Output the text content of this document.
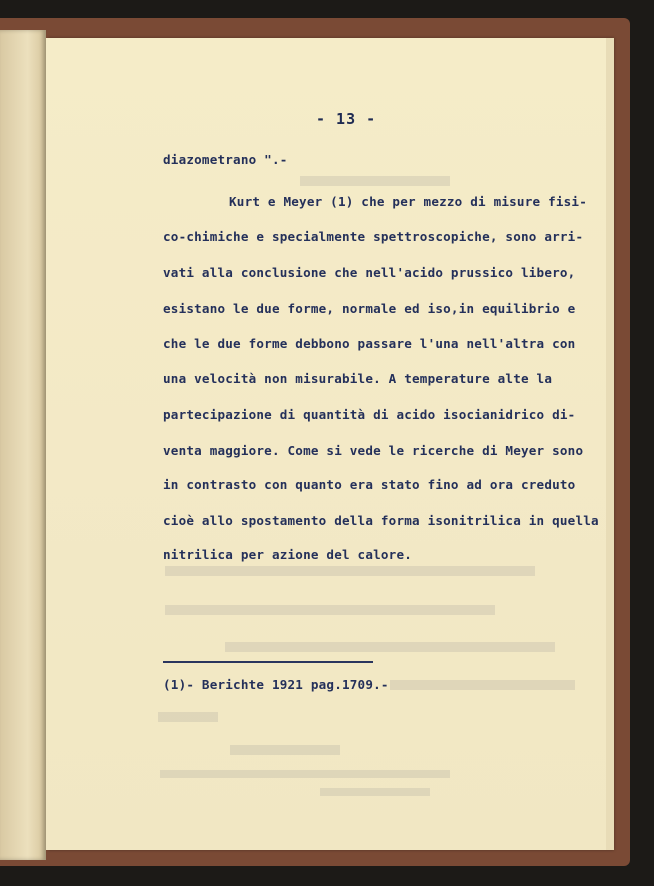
- 13 -
diazometrano ".-
Kurt e Meyer (1) che per mezzo di misure fisi-
co-chimiche e specialmente spettroscopiche, sono arri-
vati alla conclusione che nell'acido prussico libero,
esistano le due forme, normale ed iso,in equilibrio e
che le due forme debbono passare l'una nell'altra con
una velocità non misurabile. A temperature alte la
partecipazione di quantità di acido isocianidrico di-
venta maggiore. Come si vede le ricerche di Meyer sono
in contrasto con quanto era stato fino ad ora creduto
cioè allo spostamento della forma isonitrilica in quella
nitrilica per azione del calore.
(1)- Berichte 1921 pag.1709.-
